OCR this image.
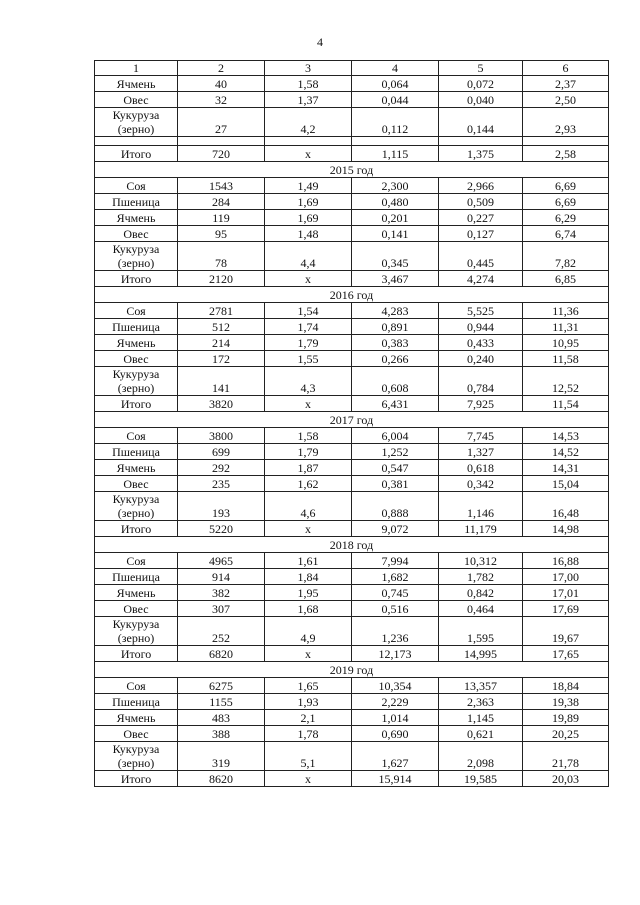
4
1	2	3	4	5	6
Ячмень	40	1,58	0,064	0,072	2,37
Овес	32	1,37	0,044	0,040	2,50
Кукуруза (зерно)	27	4,2	0,112	0,144	2,93

Итого	720	x	1,115	1,375	2,58
2015 год					
Соя	1543	1,49	2,300	2,966	6,69
Пшеница	284	1,69	0,480	0,509	6,69
Ячмень	119	1,69	0,201	0,227	6,29
Овес	95	1,48	0,141	0,127	6,74
Кукуруза (зерно)	78	4,4	0,345	0,445	7,82
Итого	2120	x	3,467	4,274	6,85
2016 год					
Соя	2781	1,54	4,283	5,525	11,36
Пшеница	512	1,74	0,891	0,944	11,31
Ячмень	214	1,79	0,383	0,433	10,95
Овес	172	1,55	0,266	0,240	11,58
Кукуруза (зерно)	141	4,3	0,608	0,784	12,52
Итого	3820	x	6,431	7,925	11,54
2017 год					
Соя	3800	1,58	6,004	7,745	14,53
Пшеница	699	1,79	1,252	1,327	14,52
Ячмень	292	1,87	0,547	0,618	14,31
Овес	235	1,62	0,381	0,342	15,04
Кукуруза (зерно)	193	4,6	0,888	1,146	16,48
Итого	5220	x	9,072	11,179	14,98
2018 год					
Соя	4965	1,61	7,994	10,312	16,88
Пшеница	914	1,84	1,682	1,782	17,00
Ячмень	382	1,95	0,745	0,842	17,01
Овес	307	1,68	0,516	0,464	17,69
Кукуруза (зерно)	252	4,9	1,236	1,595	19,67
Итого	6820	x	12,173	14,995	17,65
2019 год					
Соя	6275	1,65	10,354	13,357	18,84
Пшеница	1155	1,93	2,229	2,363	19,38
Ячмень	483	2,1	1,014	1,145	19,89
Овес	388	1,78	0,690	0,621	20,25
Кукуруза (зерно)	319	5,1	1,627	2,098	21,78
Итого	8620	x	15,914	19,585	20,03
